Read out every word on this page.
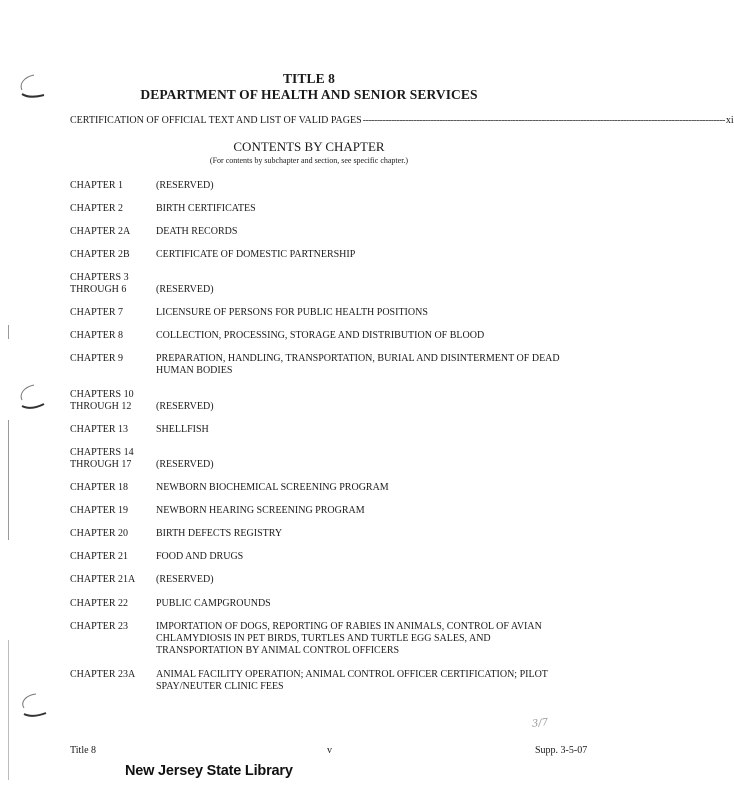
TITLE 8
DEPARTMENT OF HEALTH AND SENIOR SERVICES
CERTIFICATION OF OFFICIAL TEXT AND LIST OF VALID PAGES -------------------------------------------------------------------------------------------------------------------------------- xi
CONTENTS BY CHAPTER
(For contents by subchapter and section, see specific chapter.)
CHAPTER 1	(RESERVED)
CHAPTER 2	BIRTH CERTIFICATES
CHAPTER 2A	DEATH RECORDS
CHAPTER 2B	CERTIFICATE OF DOMESTIC PARTNERSHIP
CHAPTERS 3
THROUGH 6	(RESERVED)
CHAPTER 7	LICENSURE OF PERSONS FOR PUBLIC HEALTH POSITIONS
CHAPTER 8	COLLECTION, PROCESSING, STORAGE AND DISTRIBUTION OF BLOOD
CHAPTER 9	PREPARATION, HANDLING, TRANSPORTATION, BURIAL AND DISINTERMENT OF DEAD HUMAN BODIES
CHAPTERS 10
THROUGH 12	(RESERVED)
CHAPTER 13	SHELLFISH
CHAPTERS 14
THROUGH 17	(RESERVED)
CHAPTER 18	NEWBORN BIOCHEMICAL SCREENING PROGRAM
CHAPTER 19	NEWBORN HEARING SCREENING PROGRAM
CHAPTER 20	BIRTH DEFECTS REGISTRY
CHAPTER 21	FOOD AND DRUGS
CHAPTER 21A	(RESERVED)
CHAPTER 22	PUBLIC CAMPGROUNDS
CHAPTER 23	IMPORTATION OF DOGS, REPORTING OF RABIES IN ANIMALS, CONTROL OF AVIAN CHLAMYDIOSIS IN PET BIRDS, TURTLES AND TURTLE EGG SALES, AND TRANSPORTATION BY ANIMAL CONTROL OFFICERS
CHAPTER 23A	ANIMAL FACILITY OPERATION; ANIMAL CONTROL OFFICER CERTIFICATION; PILOT SPAY/NEUTER CLINIC FEES
3/7
Title 8	v	Supp. 3-5-07
New Jersey State Library
